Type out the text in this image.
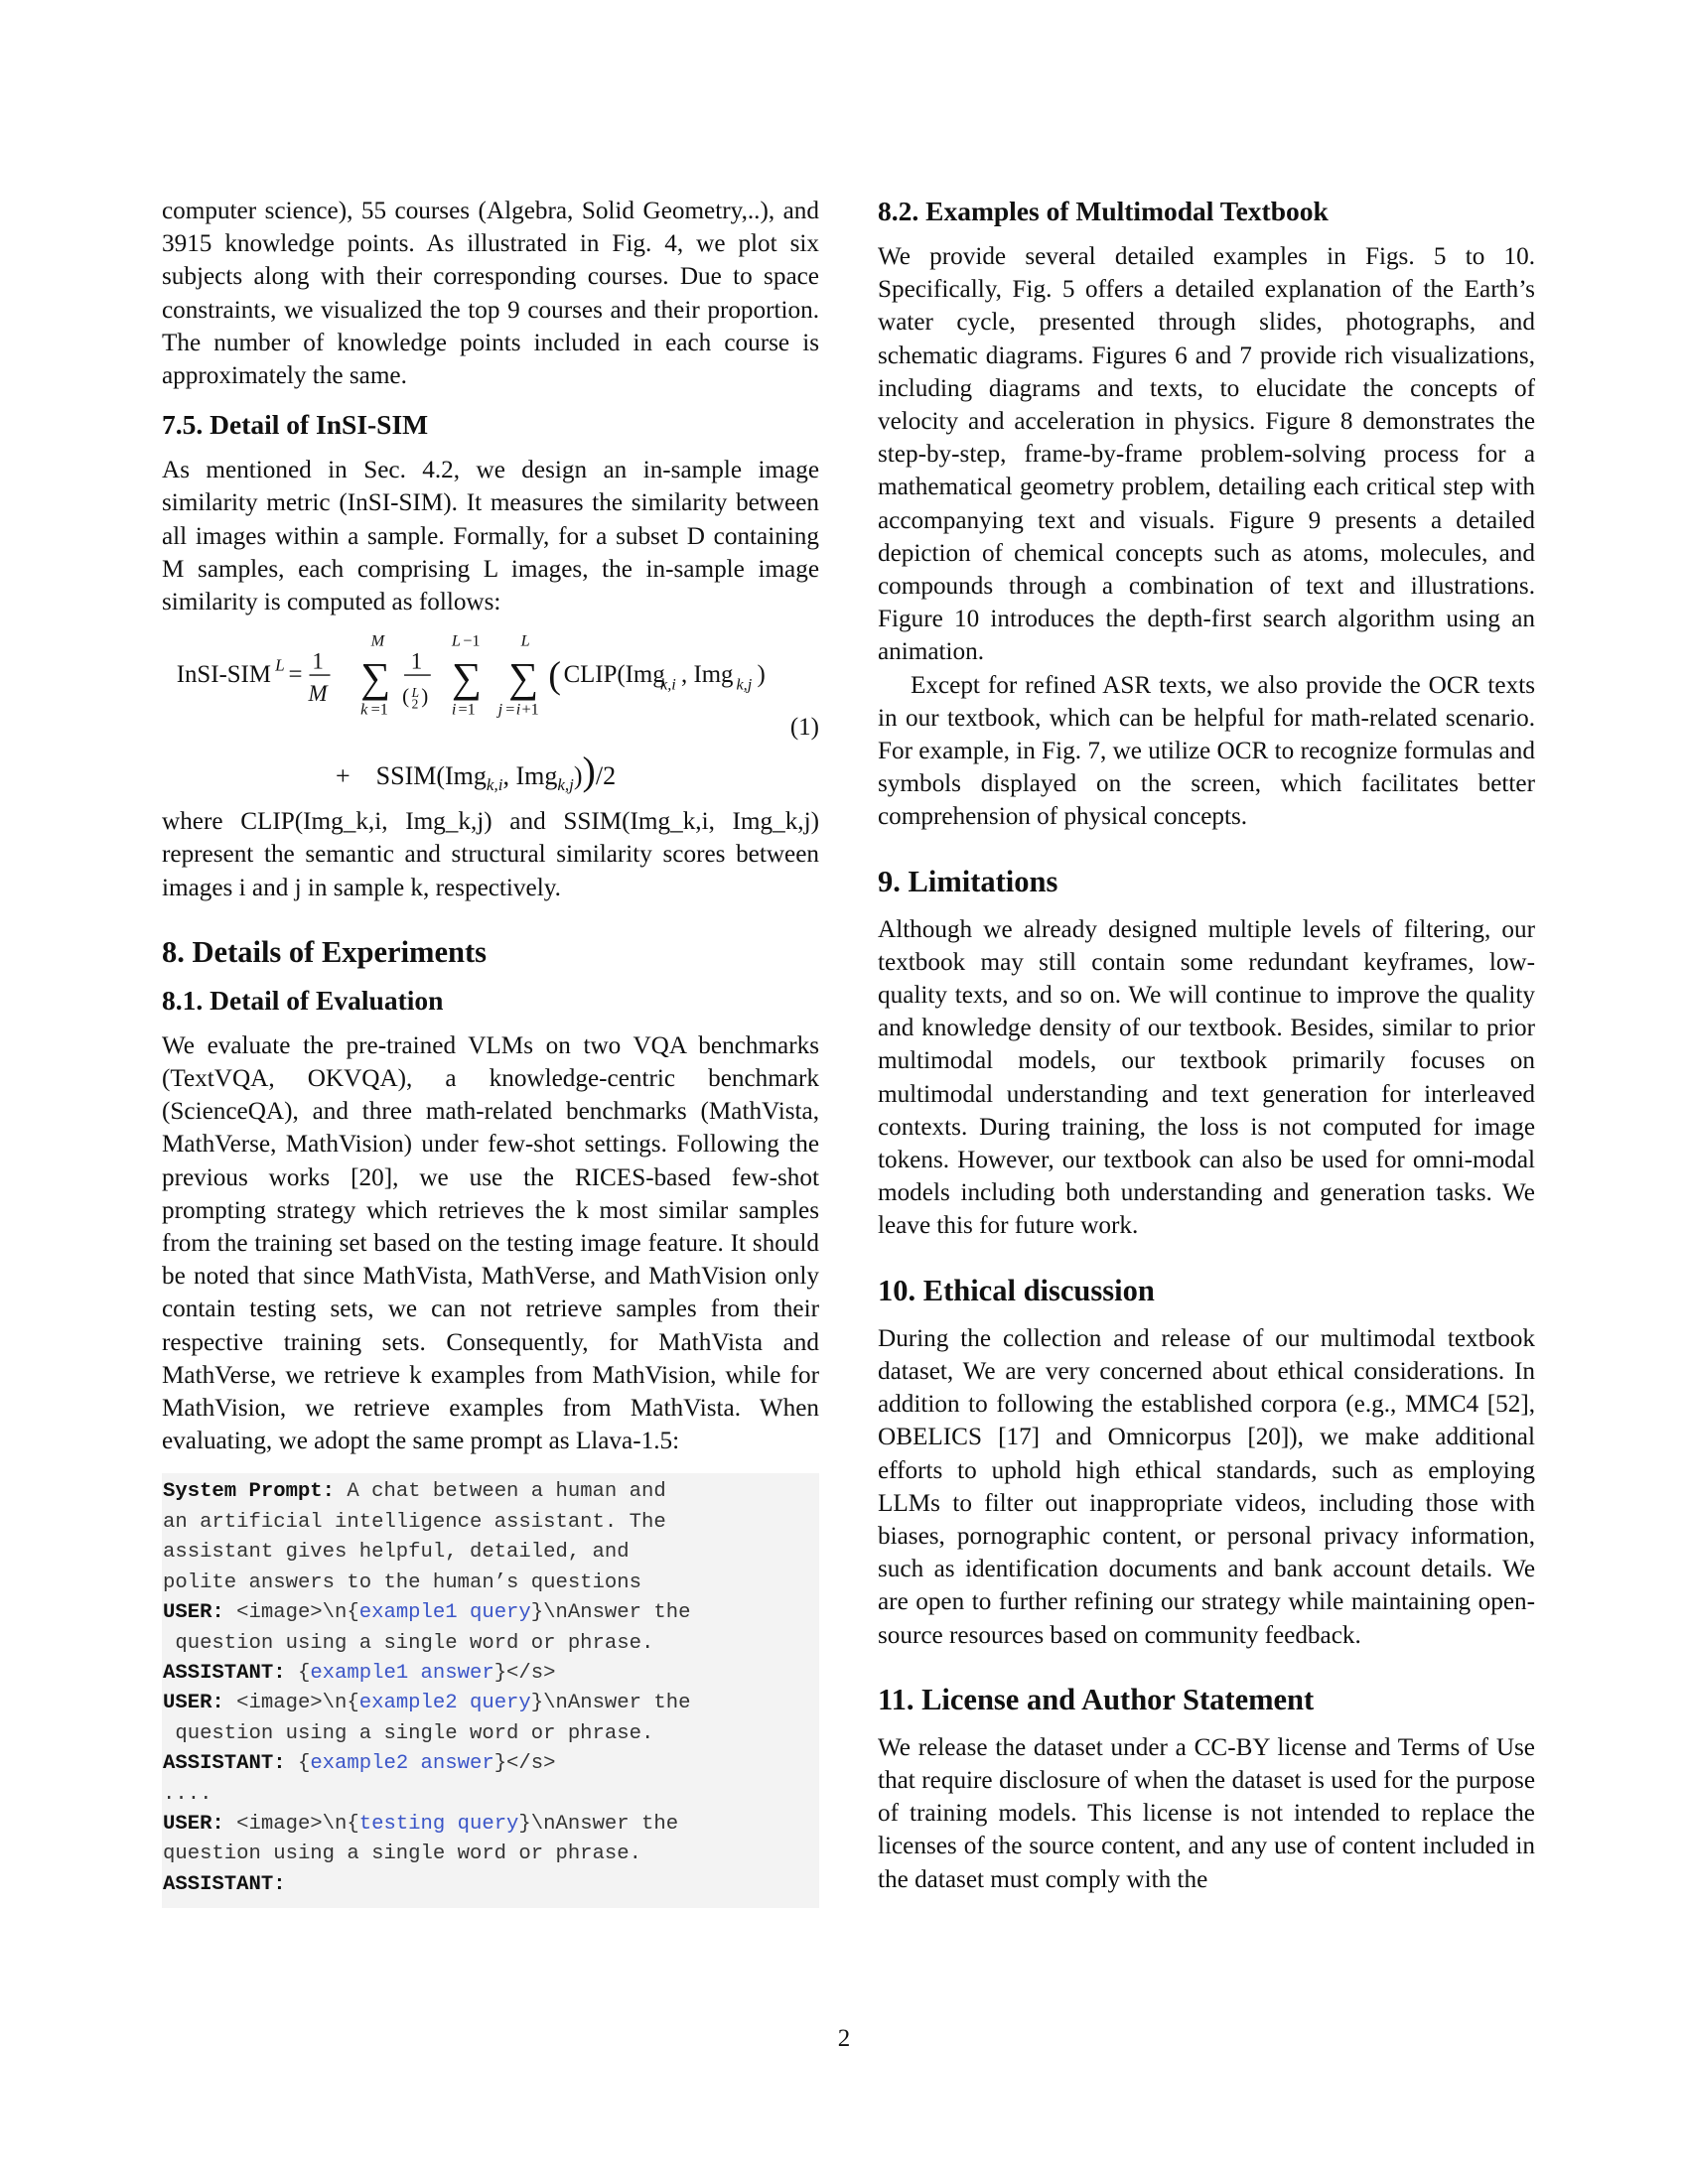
computer science), 55 courses (Algebra, Solid Geometry,..), and 3915 knowledge points. As illustrated in Fig. 4, we plot six subjects along with their corresponding courses. Due to space constraints, we visualized the top 9 courses and their proportion. The number of knowledge points included in each course is approximately the same.

7.5. Detail of InSI-SIM

As mentioned in Sec. 4.2, we design an in-sample image similarity metric (InSI-SIM). It measures the similarity between all images within a sample. Formally, for a subset D containing M samples, each comprising L images, the in-sample image similarity is computed as follows:

InSI-SIM L = 1
M
M
∑
k =1
1
( L
2 )
L −1
∑
i =1
L
∑
j = i +1
( CLIP(Img
k,i , Img k,j )
+    SSIM(Img$_{k,i}$, Img$_{k,j}$))/2
(1)

where CLIP(Img_k,i, Img_k,j) and SSIM(Img_k,i, Img_k,j) represent the semantic and structural similarity scores between images i and j in sample k, respectively.

8. Details of Experiments
8.1. Detail of Evaluation

We evaluate the pre-trained VLMs on two VQA benchmarks (TextVQA, OKVQA), a knowledge-centric benchmark (ScienceQA), and three math-related benchmarks (MathVista, MathVerse, MathVision) under few-shot settings. Following the previous works [20], we use the RICES-based few-shot prompting strategy which retrieves the k most similar samples from the training set based on the testing image feature. It should be noted that since MathVista, MathVerse, and MathVision only contain testing sets, we can not retrieve samples from their respective training sets. Consequently, for MathVista and MathVerse, we retrieve k examples from MathVision, while for MathVision, we retrieve examples from MathVista. When evaluating, we adopt the same prompt as Llava-1.5:

System Prompt: A chat between a human and
an artificial intelligence assistant. The
assistant gives helpful, detailed, and
polite answers to the human’s questions
USER: <image>\n{example1 query}\nAnswer the
question using a single word or phrase.
ASSISTANT: {example1 answer}</s>
USER: <image>\n{example2 query}\nAnswer the
question using a single word or phrase.
ASSISTANT: {example2 answer}</s>
....
USER: <image>\n{testing query}\nAnswer the
question using a single word or phrase.
ASSISTANT:
8.2. Examples of Multimodal Textbook

We provide several detailed examples in Figs. 5 to 10. Specifically, Fig. 5 offers a detailed explanation of the Earth’s water cycle, presented through slides, photographs, and schematic diagrams. Figures 6 and 7 provide rich visualizations, including diagrams and texts, to elucidate the concepts of velocity and acceleration in physics. Figure 8 demonstrates the step-by-step, frame-by-frame problem-solving process for a mathematical geometry problem, detailing each critical step with accompanying text and visuals. Figure 9 presents a detailed depiction of chemical concepts such as atoms, molecules, and compounds through a combination of text and illustrations. Figure 10 introduces the depth-first search algorithm using an animation.

Except for refined ASR texts, we also provide the OCR texts in our textbook, which can be helpful for math-related scenario. For example, in Fig. 7, we utilize OCR to recognize formulas and symbols displayed on the screen, which facilitates better comprehension of physical concepts.

9. Limitations

Although we already designed multiple levels of filtering, our textbook may still contain some redundant keyframes, low-quality texts, and so on. We will continue to improve the quality and knowledge density of our textbook. Besides, similar to prior multimodal models, our textbook primarily focuses on multimodal understanding and text generation for interleaved contexts. During training, the loss is not computed for image tokens. However, our textbook can also be used for omni-modal models including both understanding and generation tasks. We leave this for future work.

10. Ethical discussion

During the collection and release of our multimodal textbook dataset, We are very concerned about ethical considerations. In addition to following the established corpora (e.g., MMC4 [52], OBELICS [17] and Omnicorpus [20]), we make additional efforts to uphold high ethical standards, such as employing LLMs to filter out inappropriate videos, including those with biases, pornographic content, or personal privacy information, such as identification documents and bank account details. We are open to further refining our strategy while maintaining open-source resources based on community feedback.

11. License and Author Statement

We release the dataset under a CC-BY license and Terms of Use that require disclosure of when the dataset is used for the purpose of training models. This license is not intended to replace the licenses of the source content, and any use of content included in the dataset must comply with the

2
